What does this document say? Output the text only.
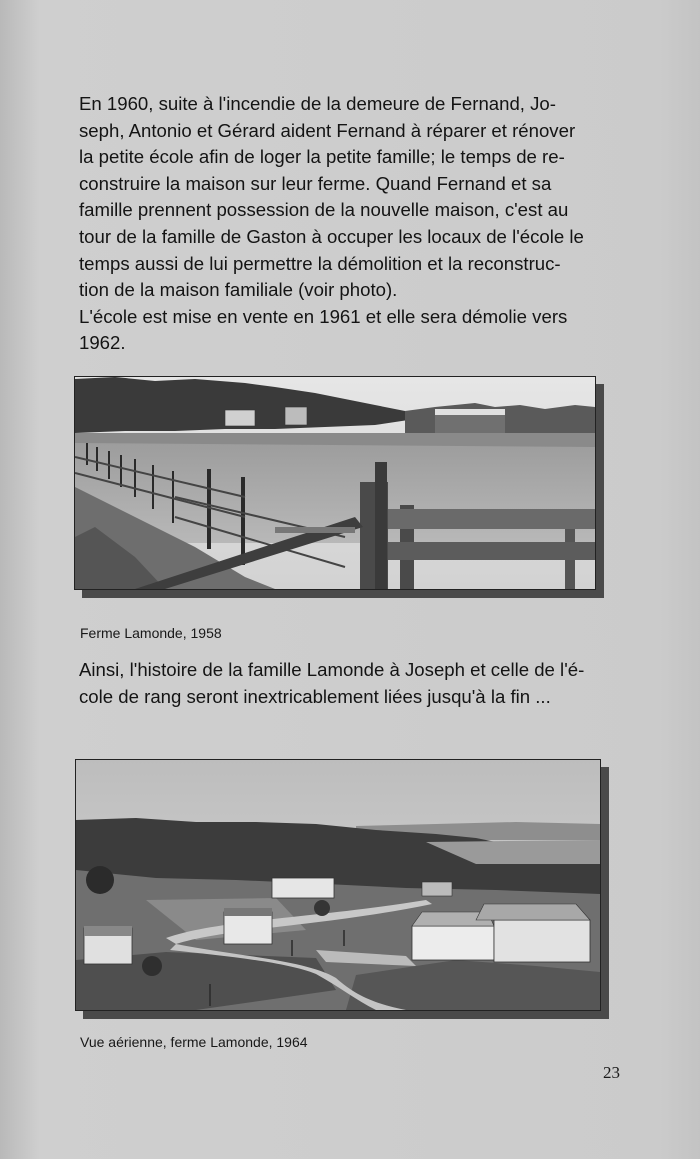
En 1960, suite à l'incendie de la demeure de Fernand, Jo-
seph, Antonio et Gérard aident Fernand à réparer et rénover
la petite école afin de loger la petite famille; le temps de re-
construire la maison sur leur ferme. Quand Fernand et sa
famille prennent possession de la nouvelle maison, c'est au
tour de la famille de Gaston à occuper les locaux de l'école le
temps aussi de lui permettre la démolition et la reconstruc-
tion de la maison familiale (voir photo).
L'école est mise en vente en 1961 et elle sera démolie vers
1962.

Ferme Lamonde, 1958

Ainsi, l'histoire de la famille Lamonde à Joseph et celle de l'é-
cole de rang seront inextricablement liées jusqu'à la fin ...

Vue aérienne, ferme Lamonde, 1964

23
